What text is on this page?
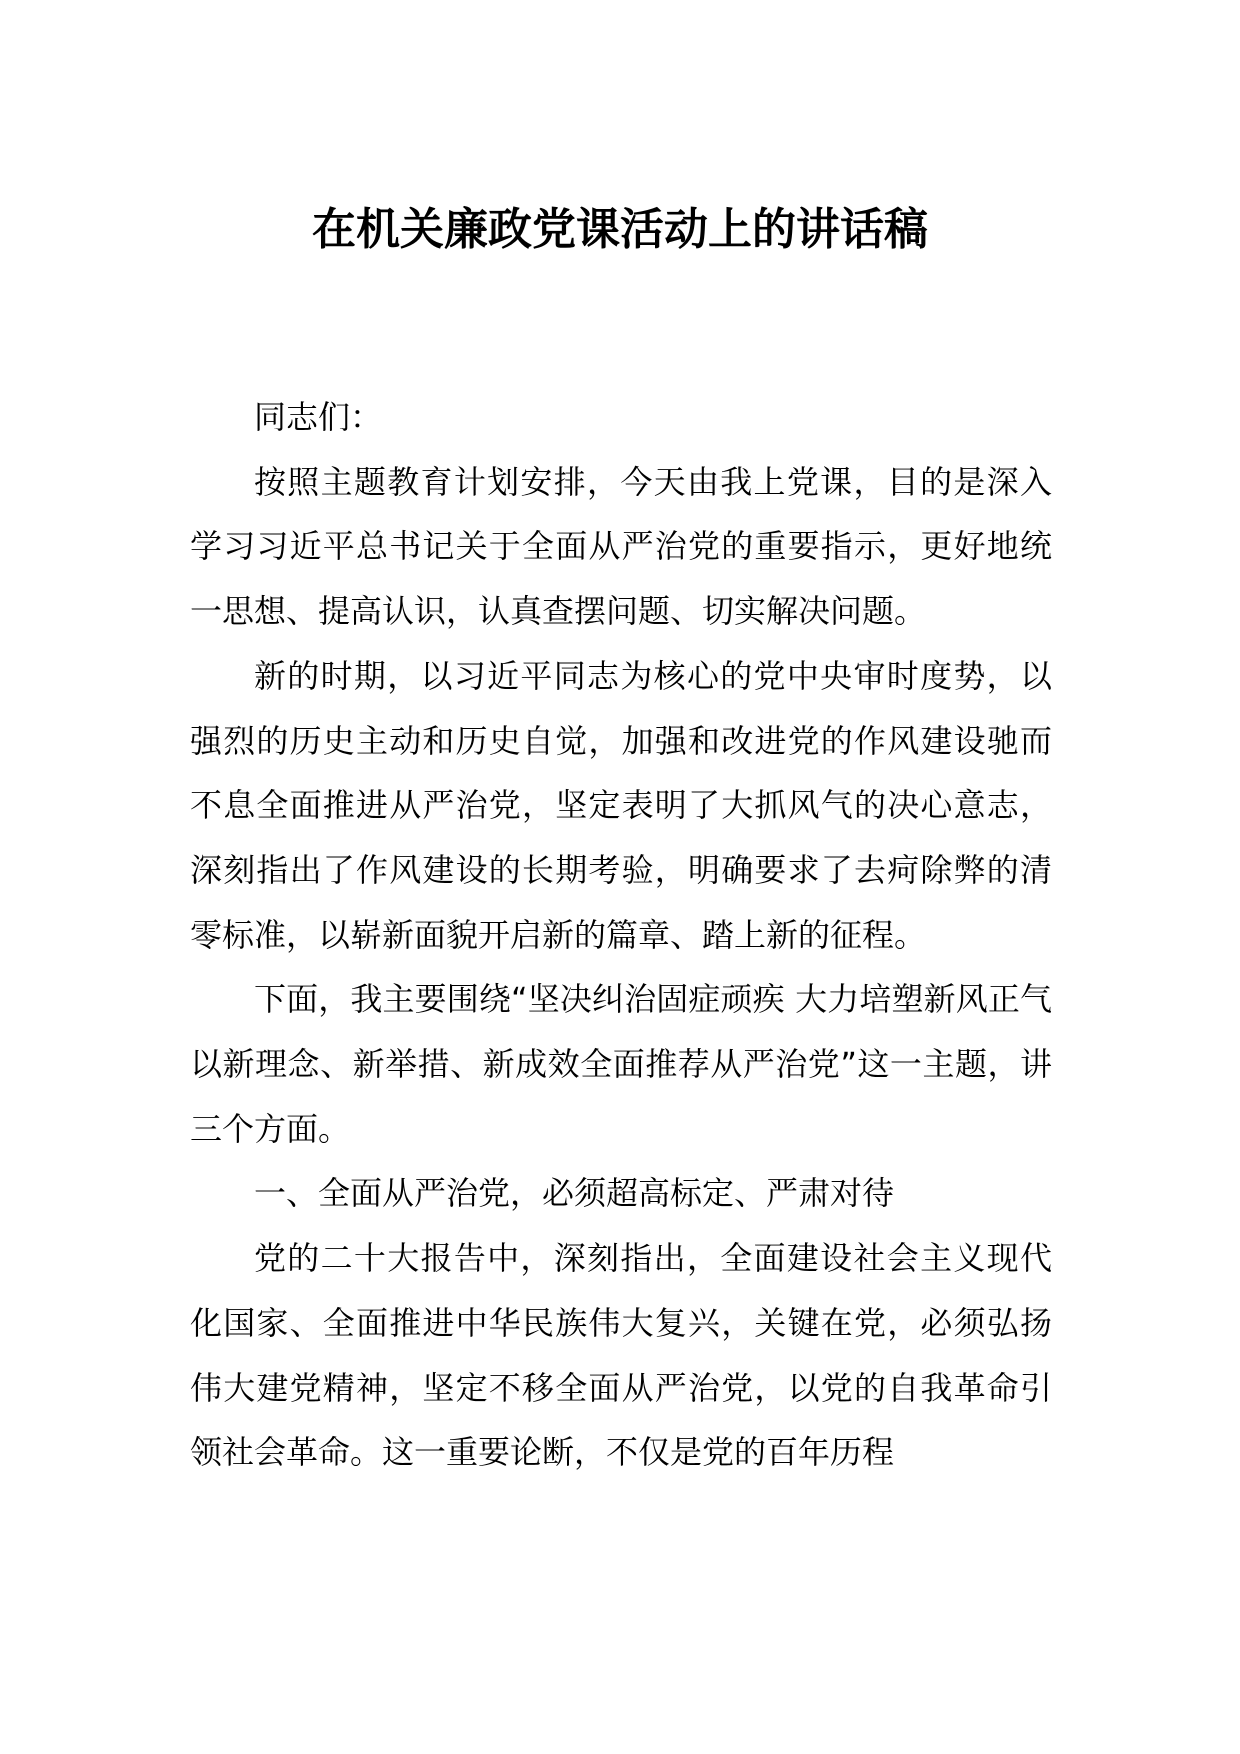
在机关廉政党课活动上的讲话稿

同志们：

按照主题教育计划安排，今天由我上党课，目的是深入学习习近平总书记关于全面从严治党的重要指示，更好地统一思想、提高认识，认真查摆问题、切实解决问题。

新的时期，以习近平同志为核心的党中央审时度势，以强烈的历史主动和历史自觉，加强和改进党的作风建设驰而不息全面推进从严治党，坚定表明了大抓风气的决心意志，深刻指出了作风建设的长期考验，明确要求了去疴除弊的清零标准，以崭新面貌开启新的篇章、踏上新的征程。

下面，我主要围绕“坚决纠治固症顽疾 大力培塑新风正气 以新理念、新举措、新成效全面推荐从严治党”这一主题，讲三个方面。

一、全面从严治党，必须超高标定、严肃对待

党的二十大报告中，深刻指出，全面建设社会主义现代化国家、全面推进中华民族伟大复兴，关键在党，必须弘扬伟大建党精神，坚定不移全面从严治党，以党的自我革命引领社会革命。这一重要论断，不仅是党的百年历程
